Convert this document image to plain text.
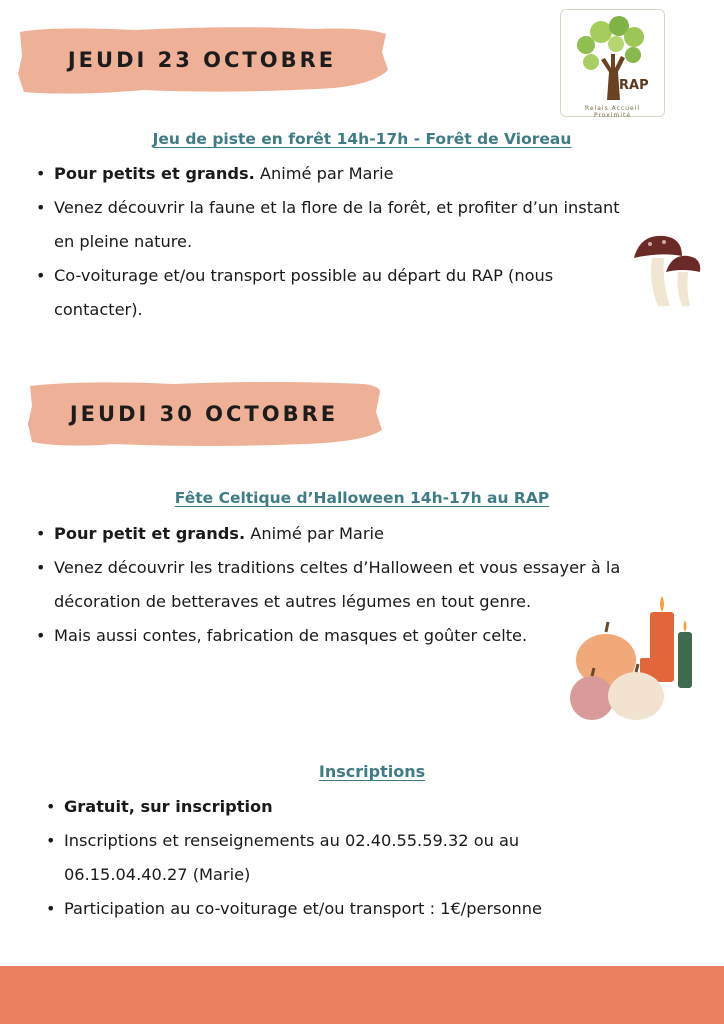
RAP
Relais Accueil Proximité
JEUDI 23 OCTOBRE
Jeu de piste en forêt 14h-17h - Forêt de Vioreau
• Pour petits et grands. Animé par Marie
• Venez découvrir la faune et la flore de la forêt, et profiter d’un instant
en pleine nature.
• Co-voiturage et/ou transport possible au départ du RAP (nous
contacter).
JEUDI 30 OCTOBRE
Fête Celtique d’Halloween 14h-17h au RAP
• Pour petit et grands. Animé par Marie
• Venez découvrir les traditions celtes d’Halloween et vous essayer à la
décoration de betteraves et autres légumes en tout genre.
• Mais aussi contes, fabrication de masques et goûter celte.
Inscriptions
• Gratuit, sur inscription
• Inscriptions et renseignements au 02.40.55.59.32 ou au
06.15.04.40.27 (Marie)
• Participation au co-voiturage et/ou transport : 1€/personne
